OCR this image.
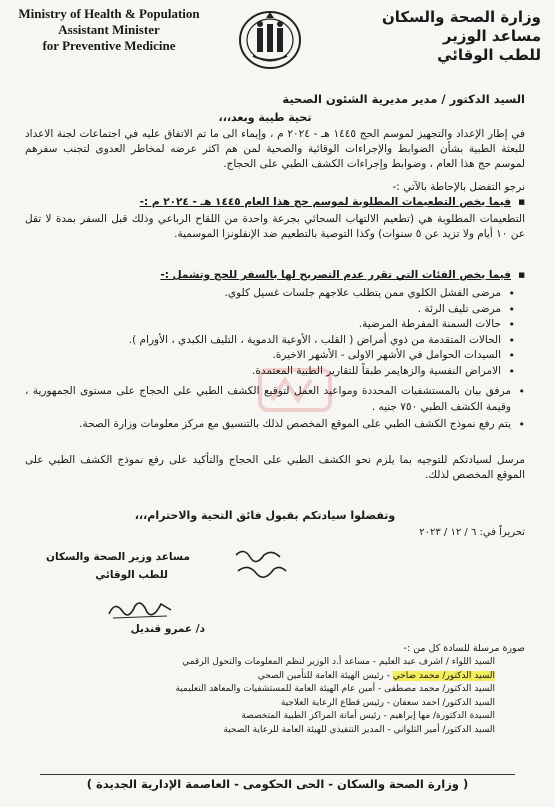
Ministry of Health & Population
Assistant Minister
for Preventive Medicine
وزارة الصحة والسكان
مساعد الوزير
للطب الوقائي
السيد الدكتور / مدير مديرية الشئون الصحية
تحية طيبة وبعد،،،
في إطار الإعداد والتجهيز لموسم الحج ١٤٤٥ هـ - ٢٠٢٤ م ، وإيماء الى ما تم الاتفاق عليه في اجتماعات لجنة الاعداد للبعثة الطبية بشأن الضوابط والإجراءات الوقائية والصحية لمن هم اكثر عرضه لمخاطر العدوى لتجنب سفرهم لموسم حج هذا العام ، وضوابط وإجراءات الكشف الطبي على الحجاج.
نرجو التفضل بالإحاطة بالآتي :-
■ فيما يخص التطعيمات المطلوبة لموسم حج هذا العام ١٤٤٥ هـ - ٢٠٢٤ م :-
التطعيمات المطلوبة هي (تطعيم الالتهاب السحائي بجرعة واحدة من اللقاح الرباعي وذلك قبل السفر بمدة لا تقل عن ١٠ أيام ولا تزيد عن ٥ سنوات) وكذا التوصية بالتطعيم ضد الإنفلونزا الموسمية.
■ فيما يخص الفئات التي تقرر عدم التصريح لها بالسفر للحج وتشمل :-
• مرضى الفشل الكلوي ممن يتطلب علاجهم جلسات غسيل كلوي.
• مرضى تليف الرئة .
• حالات السمنة المفرطة المرضية.
• الحالات المتقدمة من ذوي أمراض ( القلب ، الأوعية الدموية ، التليف الكبدي ، الأورام ).
• السيدات الحوامل في الأشهر الاولى - الأشهر الاخيرة.
• الامراض النفسية والزهايمر طبقاً للتقارير الطبية المعتمدة.
• مرفق بيان بالمستشفيات المحددة ومواعيد العمل لتوقيع الكشف الطبي على الحجاج على مستوى الجمهورية ، وقيمة الكشف الطبي ٧٥٠ جنيه .
• يتم رفع نموذج الكشف الطبي على الموقع المخصص لذلك بالتنسيق مع مركز معلومات وزارة الصحة.
مرسل لسيادتكم للتوجيه بما يلزم نحو الكشف الطبي على الحجاج والتأكيد على رفع نموذج الكشف الطبي على الموقع المخصص لذلك.
وتفضلوا سيادتكم بقبول فائق التحية والاحترام،،،
تحريراً في: ٦ / ١٢ / ٢٠٢٣
مساعد وزير الصحة والسكان
للطب الوقائي
د/ عمرو قنديل
صورة مرسلة للسادة كل من :-
السيد اللواء / اشرف عبد العليم - مساعد أ.د الوزير لنظم المعلومات والتحول الرقمي
السيد الدكتور/ محمد ضاحي - رئيس الهيئة العامة للتأمين الصحي
السيد الدكتور/ محمد مصطفى - أمين عام الهيئة العامة للمستشفيات والمعاهد التعليمية
السيد الدكتور/ احمد سعفان - رئيس قطاع الرعاية العلاجية
السيدة الدكتورة/ مها إبراهيم - رئيس أمانة المراكز الطبية المتخصصة
السيد الدكتور/ أمير التلواني - المدير التنفيذي للهيئة العامة للرعاية الصحية
( وزارة الصحة والسكان - الحى الحكومى - العاصمة الإدارية الجديدة )
